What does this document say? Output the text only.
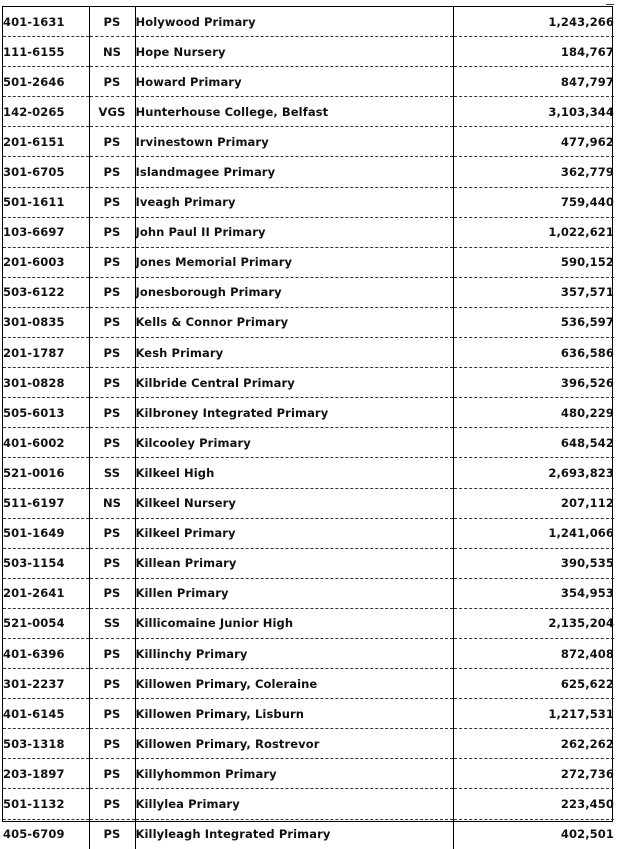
401-1631	PS	Holywood Primary	1,243,266
111-6155	NS	Hope Nursery	184,767
501-2646	PS	Howard Primary	847,797
142-0265	VGS	Hunterhouse College, Belfast	3,103,344
201-6151	PS	Irvinestown Primary	477,962
301-6705	PS	Islandmagee Primary	362,779
501-1611	PS	Iveagh Primary	759,440
103-6697	PS	John Paul II Primary	1,022,621
201-6003	PS	Jones Memorial Primary	590,152
503-6122	PS	Jonesborough Primary	357,571
301-0835	PS	Kells & Connor Primary	536,597
201-1787	PS	Kesh Primary	636,586
301-0828	PS	Kilbride Central Primary	396,526
505-6013	PS	Kilbroney Integrated Primary	480,229
401-6002	PS	Kilcooley Primary	648,542
521-0016	SS	Kilkeel High	2,693,823
511-6197	NS	Kilkeel Nursery	207,112
501-1649	PS	Kilkeel Primary	1,241,066
503-1154	PS	Killean Primary	390,535
201-2641	PS	Killen Primary	354,953
521-0054	SS	Killicomaine Junior High	2,135,204
401-6396	PS	Killinchy Primary	872,408
301-2237	PS	Killowen Primary, Coleraine	625,622
401-6145	PS	Killowen Primary, Lisburn	1,217,531
503-1318	PS	Killowen Primary, Rostrevor	262,262
203-1897	PS	Killyhommon Primary	272,736
501-1132	PS	Killylea Primary	223,450
405-6709	PS	Killyleagh Integrated Primary	402,501
